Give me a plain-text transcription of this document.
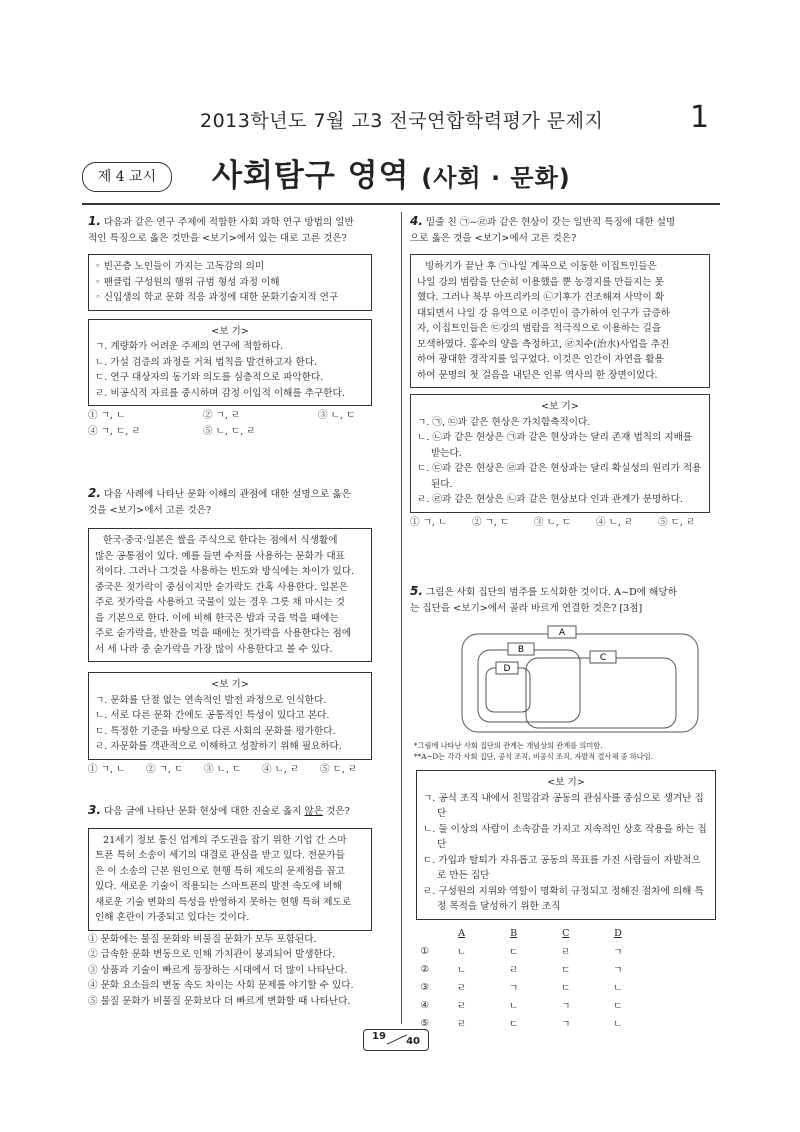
2013학년도 7월 고3 전국연합학력평가 문제지	1
제 4 교시	사회탐구 영역 (사회 · 문화)
1. 다음과 같은 연구 주제에 적합한 사회 과학 연구 방법의 일반
적인 특징으로 옳은 것만을 <보기>에서 있는 대로 고른 것은?
◦ 빈곤층 노인들이 가지는 고독감의 의미
◦ 팬클럽 구성원의 행위 규범 형성 과정 이해
◦ 신입생의 학교 문화 적응 과정에 대한 문화기술지적 연구
<보 기>
ㄱ. 계량화가 어려운 주제의 연구에 적합하다.
ㄴ. 가설 검증의 과정을 거쳐 법칙을 발견하고자 한다.
ㄷ. 연구 대상자의 동기와 의도를 심층적으로 파악한다.
ㄹ. 비공식적 자료를 중시하며 감정 이입적 이해를 추구한다.
① ㄱ, ㄴ	② ㄱ, ㄹ	③ ㄴ, ㄷ
④ ㄱ, ㄷ, ㄹ	⑤ ㄴ, ㄷ, ㄹ
2. 다음 사례에 나타난 문화 이해의 관점에 대한 설명으로 옳은
것을 <보기>에서 고른 것은?
한국·중국·일본은 쌀을 주식으로 한다는 점에서 식생활에
많은 공통점이 있다. 예를 들면 수저를 사용하는 문화가 대표
적이다. 그러나 그것을 사용하는 빈도와 방식에는 차이가 있다.
중국은 젓가락이 중심이지만 숟가락도 간혹 사용한다. 일본은
주로 젓가락을 사용하고 국물이 있는 경우 그릇 채 마시는 것
을 기본으로 한다. 이에 비해 한국은 밥과 국을 먹을 때에는
주로 숟가락을, 반찬을 먹을 때에는 젓가락을 사용한다는 점에
서 세 나라 중 숟가락을 가장 많이 사용한다고 볼 수 있다.
<보 기>
ㄱ. 문화를 단절 없는 연속적인 발전 과정으로 인식한다.
ㄴ. 서로 다른 문화 간에도 공통적인 특성이 있다고 본다.
ㄷ. 특정한 기준을 바탕으로 다른 사회의 문화를 평가한다.
ㄹ. 자문화를 객관적으로 이해하고 성찰하기 위해 필요하다.
① ㄱ, ㄴ	② ㄱ, ㄷ	③ ㄴ, ㄷ	④ ㄴ, ㄹ	⑤ ㄷ, ㄹ
3. 다음 글에 나타난 문화 현상에 대한 진술로 옳지 않은 것은?
21세기 정보 통신 업계의 주도권을 잡기 위한 기업 간 스마
트폰 특허 소송이 세기의 대결로 관심을 받고 있다. 전문가들
은 이 소송의 근본 원인으로 현행 특허 제도의 문제점을 꼽고
있다. 새로운 기술이 적용되는 스마트폰의 발전 속도에 비해
새로운 기술 변화의 특성을 반영하지 못하는 현행 특허 제도로
인해 혼란이 가중되고 있다는 것이다.
① 문화에는 물질 문화와 비물질 문화가 모두 포함된다.
② 급속한 문화 변동으로 인해 가치관이 붕괴되어 발생한다.
③ 상품과 기술이 빠르게 등장하는 시대에서 더 많이 나타난다.
④ 문화 요소들의 변동 속도 차이는 사회 문제를 야기할 수 있다.
⑤ 물질 문화가 비물질 문화보다 더 빠르게 변화할 때 나타난다.
4. 밑줄 친 ㉠~㉣과 같은 현상이 갖는 일반적 특징에 대한 설명
으로 옳은 것을 <보기>에서 고른 것은?
빙하기가 끝난 후 ㉠나일 계곡으로 이동한 이집트인들은
나일 강의 범람을 단순히 이용했을 뿐 농경지를 만들지는 못
했다. 그러나 북부 아프리카의 ㉡기후가 건조해져 사막이 확
대되면서 나일 강 유역으로 이주민이 증가하여 인구가 급증하
자, 이집트인들은 ㉢강의 범람을 적극적으로 이용하는 길을
모색하였다. 홍수의 양을 측정하고, ㉣치수(治水)사업을 추진
하여 광대한 경작지를 일구었다. 이것은 인간이 자연을 활용
하여 문명의 첫 걸음을 내딛은 인류 역사의 한 장면이었다.
<보 기>
ㄱ. ㉠, ㉢과 같은 현상은 가치함축적이다.
ㄴ. ㉡과 같은 현상은 ㉠과 같은 현상과는 달리 존재 법칙의 지배를 받는다.
ㄷ. ㉢과 같은 현상은 ㉣과 같은 현상과는 달리 확실성의 원리가 적용된다.
ㄹ. ㉣과 같은 현상은 ㉡과 같은 현상보다 인과 관계가 분명하다.
① ㄱ, ㄴ	② ㄱ, ㄷ	③ ㄴ, ㄷ	④ ㄴ, ㄹ	⑤ ㄷ, ㄹ
5. 그림은 사회 집단의 범주를 도식화한 것이다. A~D에 해당하
는 집단을 <보기>에서 골라 바르게 연결한 것은? [3점]
A
B
C
D
*그림에 나타난 사회 집단의 관계는 개념상의 관계를 의미함.
**A~D는 각각 사회 집단, 공식 조직, 비공식 조직, 자발적 결사체 중 하나임.
<보 기>
ㄱ. 공식 조직 내에서 친밀감과 공동의 관심사를 중심으로 생겨난 집단
ㄴ. 둘 이상의 사람이 소속감을 가지고 지속적인 상호 작용을 하는 집단
ㄷ. 가입과 탈퇴가 자유롭고 공동의 목표를 가진 사람들이 자발적으로 만든 집단
ㄹ. 구성원의 지위와 역할이 명확히 규정되고 정해진 절차에 의해 특정 목적을 달성하기 위한 조직
	A	B	C	D
①	ㄴ	ㄷ	ㄹ	ㄱ
②	ㄴ	ㄹ	ㄷ	ㄱ
③	ㄹ	ㄱ	ㄷ	ㄴ
④	ㄹ	ㄴ	ㄱ	ㄷ
⑤	ㄹ	ㄷ	ㄱ	ㄴ
19 40
